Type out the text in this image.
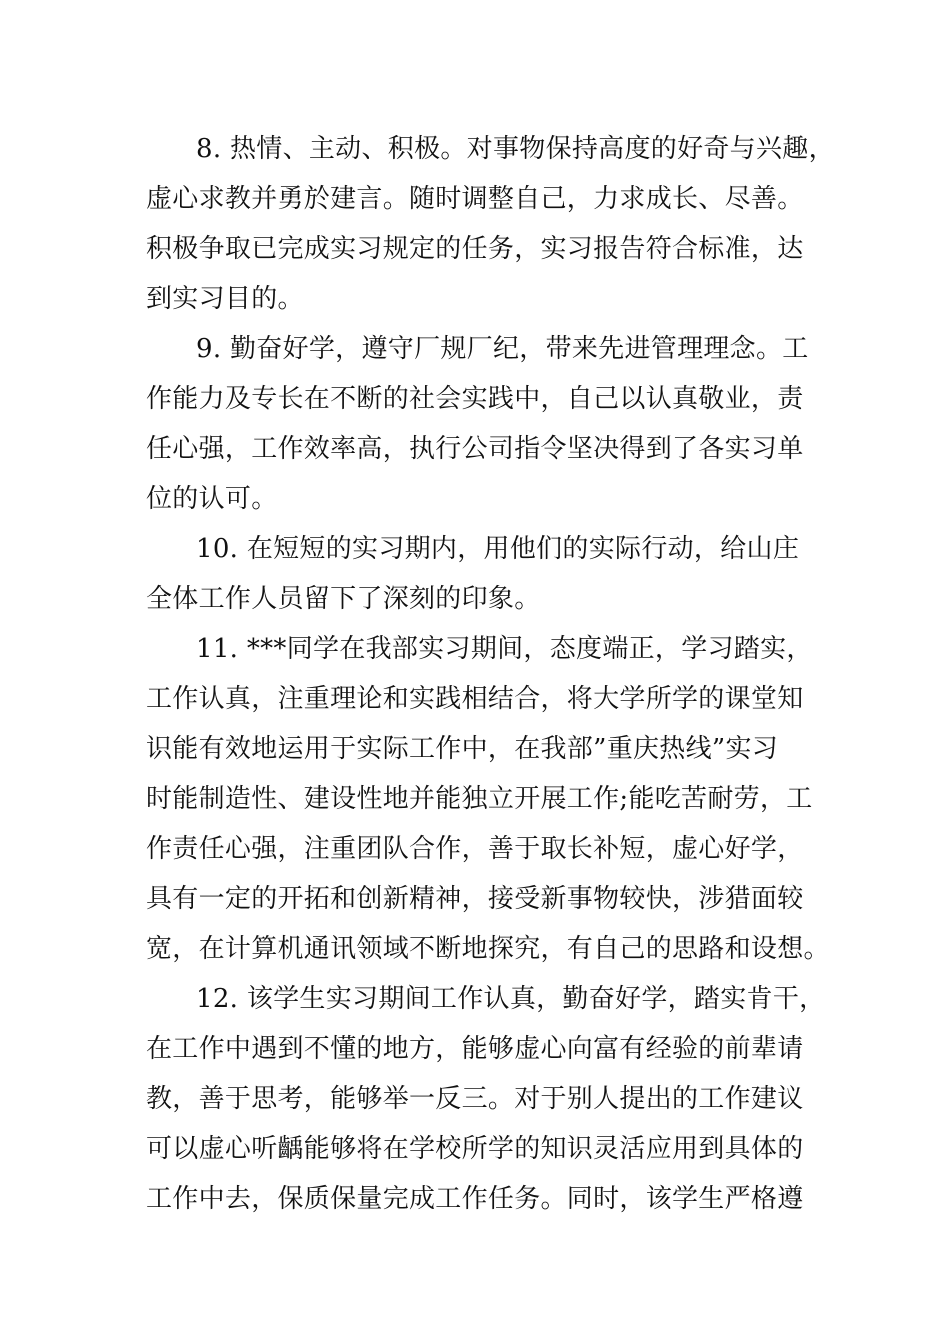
8. 热情、主动、积极。对事物保持高度的好奇与兴趣，
虚心求教并勇於建言。随时调整自己，力求成长、尽善。
积极争取已完成实习规定的任务，实习报告符合标准，达
到实习目的。
9. 勤奋好学，遵守厂规厂纪，带来先进管理理念。工
作能力及专长在不断的社会实践中，自己以认真敬业，责
任心强，工作效率高，执行公司指令坚决得到了各实习单
位的认可。
10. 在短短的实习期内，用他们的实际行动，给山庄
全体工作人员留下了深刻的印象。
11. ***同学在我部实习期间，态度端正，学习踏实，
工作认真，注重理论和实践相结合，将大学所学的课堂知
识能有效地运用于实际工作中，在我部”重庆热线”实习
时能制造性、建设性地并能独立开展工作;能吃苦耐劳，工
作责任心强，注重团队合作，善于取长补短，虚心好学，
具有一定的开拓和创新精神，接受新事物较快，涉猎面较
宽，在计算机通讯领域不断地探究，有自己的思路和设想。
12. 该学生实习期间工作认真，勤奋好学，踏实肯干，
在工作中遇到不懂的地方，能够虚心向富有经验的前辈请
教，善于思考，能够举一反三。对于别人提出的工作建议
可以虚心听齲能够将在学校所学的知识灵活应用到具体的
工作中去，保质保量完成工作任务。同时，该学生严格遵
